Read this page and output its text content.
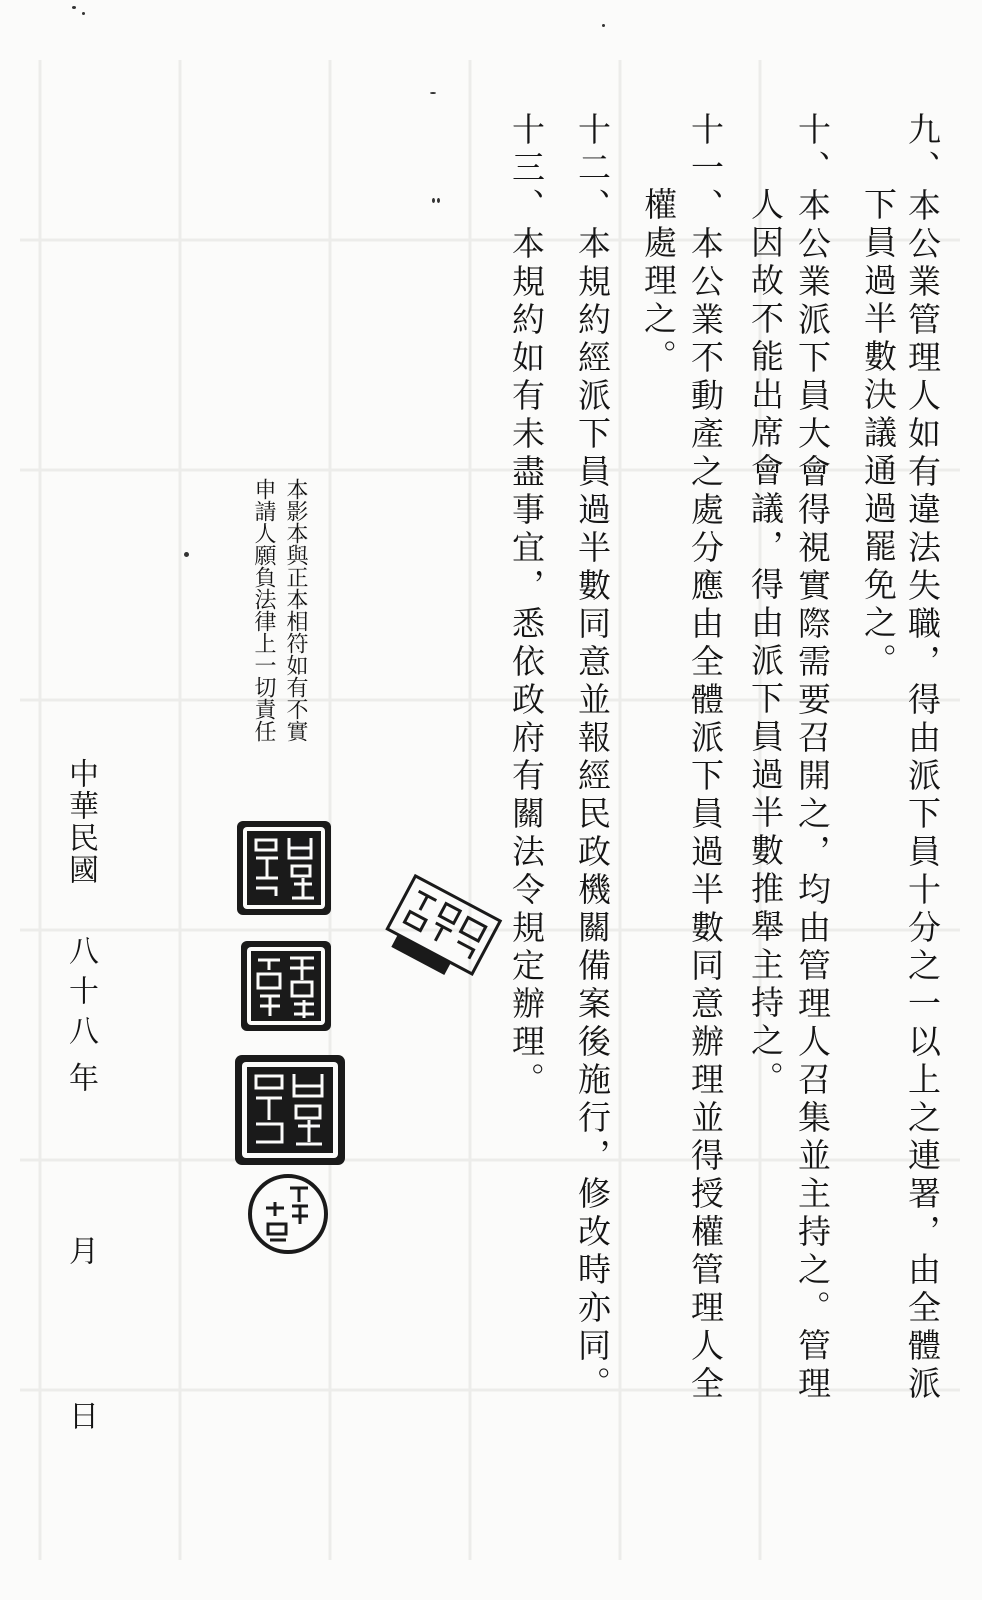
九、本公業管理人如有違法失職，得由派下員十分之一以上之連署，由全體派
下員過半數決議通過罷免之。
十、本公業派下員大會得視實際需要召開之，均由管理人召集並主持之。管理
人因故不能出席會議，得由派下員過半數推舉主持之。
十一、本公業不動產之處分應由全體派下員過半數同意辦理並得授權管理人全
權處理之。
十二、本規約經派下員過半數同意並報經民政機關備案後施行，修改時亦同。
十三、本規約如有未盡事宜，悉依政府有關法令規定辦理。
本影本與正本相符如有不實
申請人願負法律上一切責任
中華民國
八十八
年
月
日
